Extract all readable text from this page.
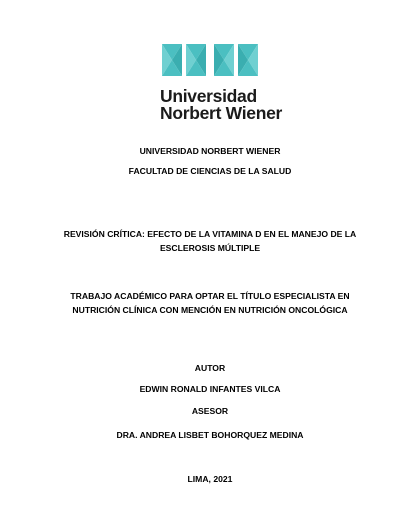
Universidad
Norbert Wiener
UNIVERSIDAD NORBERT WIENER
FACULTAD DE CIENCIAS DE LA SALUD
REVISIÓN CRÍTICA: EFECTO DE LA VITAMINA D EN EL MANEJO DE LA
ESCLEROSIS MÚLTIPLE
TRABAJO ACADÉMICO PARA OPTAR EL TÍTULO ESPECIALISTA EN
NUTRICIÓN CLÍNICA CON MENCIÓN EN NUTRICIÓN ONCOLÓGICA
AUTOR
EDWIN RONALD INFANTES VILCA
ASESOR
DRA. ANDREA LISBET BOHORQUEZ MEDINA
LIMA, 2021
